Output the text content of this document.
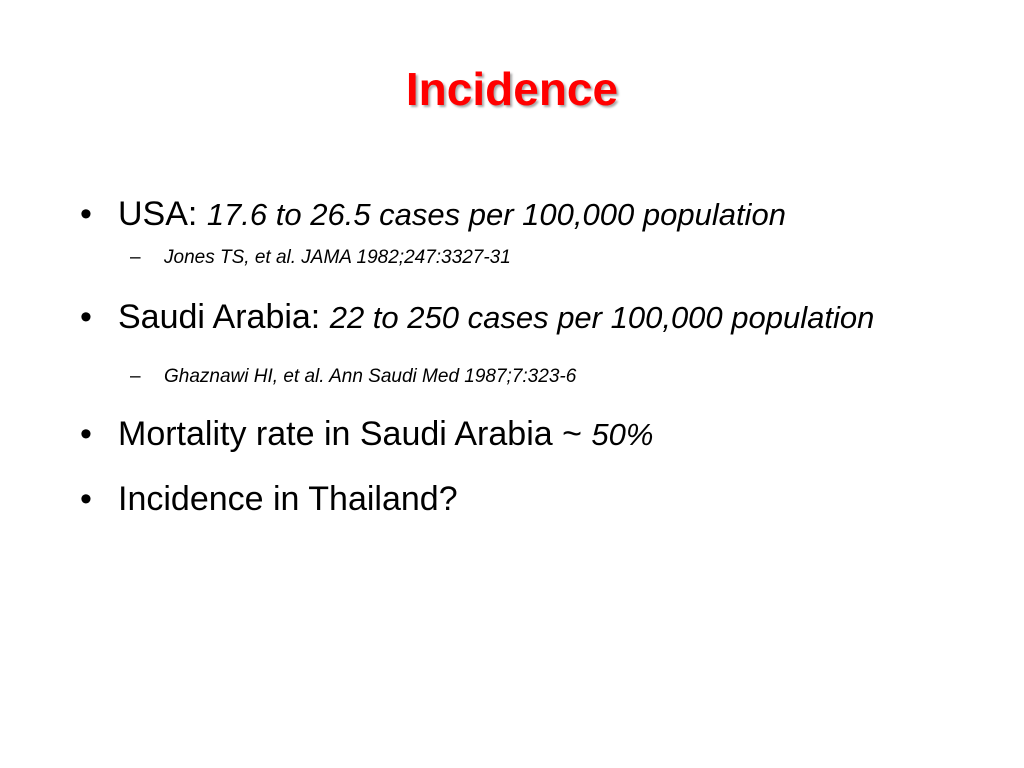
Incidence
• USA: 17.6 to 26.5 cases per 100,000 population
– Jones TS, et al. JAMA 1982;247:3327-31
• Saudi Arabia: 22 to 250 cases per 100,000 population
– Ghaznawi HI, et al. Ann Saudi Med 1987;7:323-6
• Mortality rate in Saudi Arabia ~ 50%
• Incidence in Thailand?
